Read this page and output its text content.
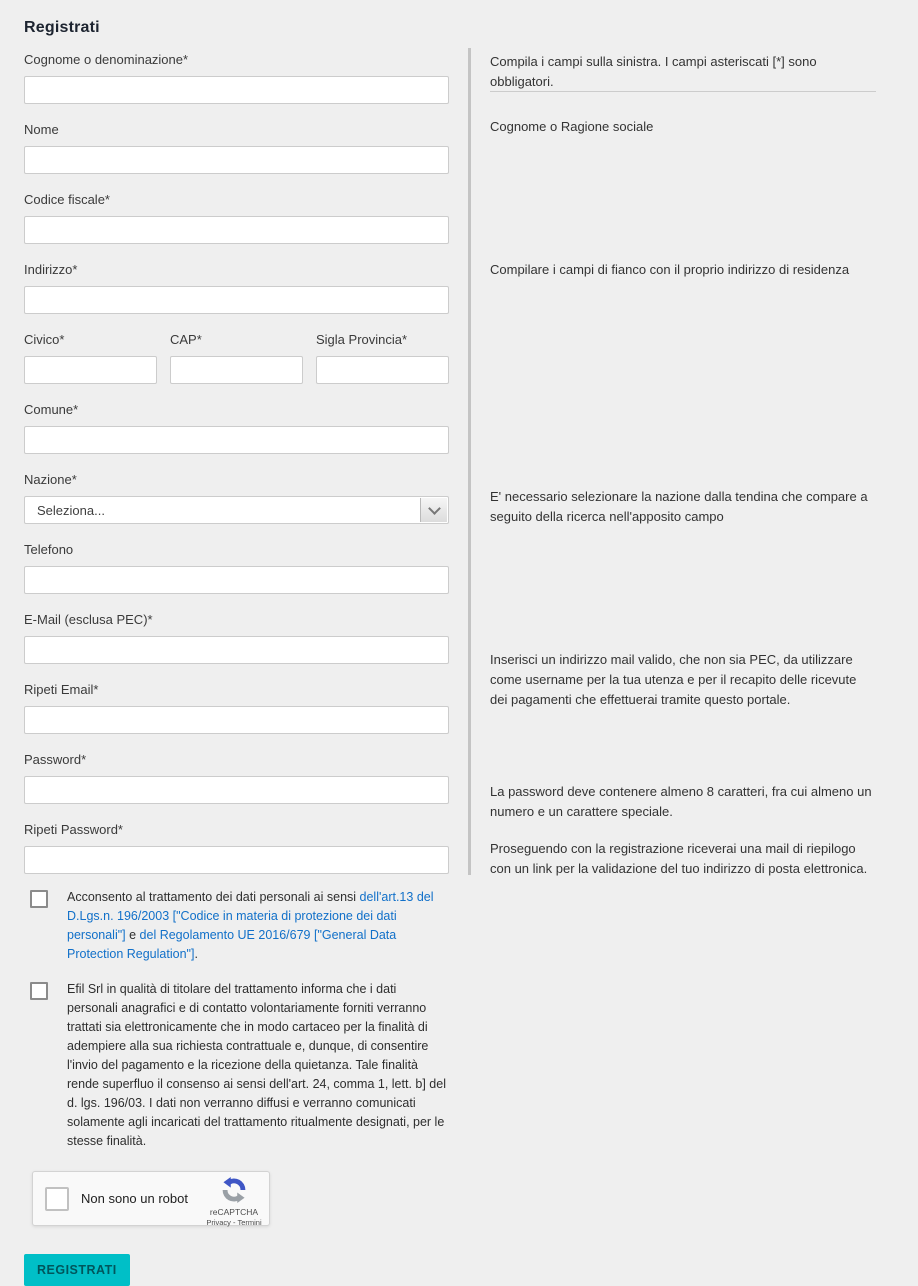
Registrati
Cognome o denominazione*
Nome
Codice fiscale*
Indirizzo*
Civico*	CAP*	Sigla Provincia*
Comune*
Nazione*
Seleziona...
Telefono
E-Mail (esclusa PEC)*
Ripeti Email*
Password*
Ripeti Password*
Acconsento al trattamento dei dati personali ai sensi dell'art.13 del D.Lgs.n. 196/2003 ["Codice in materia di protezione dei dati personali"] e del Regolamento UE 2016/679 ["General Data Protection Regulation"].
Efil Srl in qualità di titolare del trattamento informa che i dati personali anagrafici e di contatto volontariamente forniti verranno trattati sia elettronicamente che in modo cartaceo per la finalità di adempiere alla sua richiesta contrattuale e, dunque, di consentire l'invio del pagamento e la ricezione della quietanza. Tale finalità rende superfluo il consenso ai sensi dell'art. 24, comma 1, lett. b] del d. lgs. 196/03. I dati non verranno diffusi e verranno comunicati solamente agli incaricati del trattamento ritualmente designati, per le stesse finalità.
Non sono un robot
reCAPTCHA
Privacy - Termini
REGISTRATI
Compila i campi sulla sinistra. I campi asteriscati [*] sono obbligatori.
Cognome o Ragione sociale
Compilare i campi di fianco con il proprio indirizzo di residenza
E' necessario selezionare la nazione dalla tendina che compare a seguito della ricerca nell'apposito campo
Inserisci un indirizzo mail valido, che non sia PEC, da utilizzare come username per la tua utenza e per il recapito delle ricevute dei pagamenti che effettuerai tramite questo portale.
La password deve contenere almeno 8 caratteri, fra cui almeno un numero e un carattere speciale.
Proseguendo con la registrazione riceverai una mail di riepilogo con un link per la validazione del tuo indirizzo di posta elettronica.
